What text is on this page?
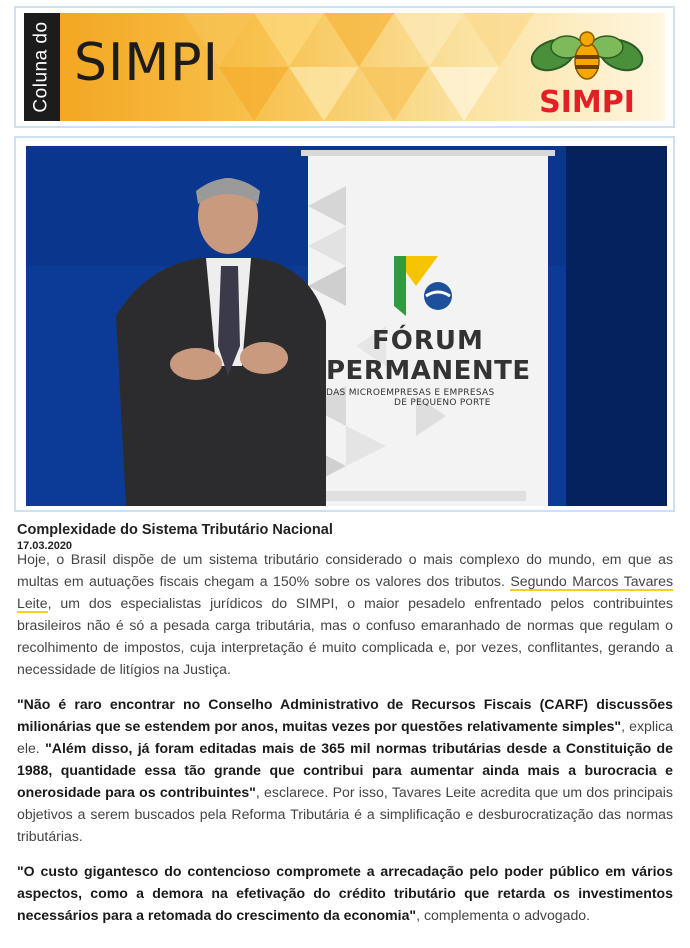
Coluna do SIMPI
SIMPI
FÓRUM
PERMANENTE
DAS MICROEMPRESAS E EMPRESAS
DE PEQUENO PORTE

Complexidade do Sistema Tributário Nacional

17.03.2020

Hoje, o Brasil dispõe de um sistema tributário considerado o mais complexo do mundo, em que as multas em autuações fiscais chegam a 150% sobre os valores dos tributos. Segundo Marcos Tavares Leite, um dos especialistas jurídicos do SIMPI, o maior pesadelo enfrentado pelos contribuintes brasileiros não é só a pesada carga tributária, mas o confuso emaranhado de normas que regulam o recolhimento de impostos, cuja interpretação é muito complicada e, por vezes, conflitantes, gerando a necessidade de litígios na Justiça.

"Não é raro encontrar no Conselho Administrativo de Recursos Fiscais (CARF) discussões milionárias que se estendem por anos, muitas vezes por questões relativamente simples", explica ele. "Além disso, já foram editadas mais de 365 mil normas tributárias desde a Constituição de 1988, quantidade essa tão grande que contribui para aumentar ainda mais a burocracia e onerosidade para os contribuintes", esclarece. Por isso, Tavares Leite acredita que um dos principais objetivos a serem buscados pela Reforma Tributária é a simplificação e desburocratização das normas tributárias.

"O custo gigantesco do contencioso compromete a arrecadação pelo poder público em vários aspectos, como a demora na efetivação do crédito tributário que retarda os investimentos necessários para a retomada do crescimento da economia", complementa o advogado.
